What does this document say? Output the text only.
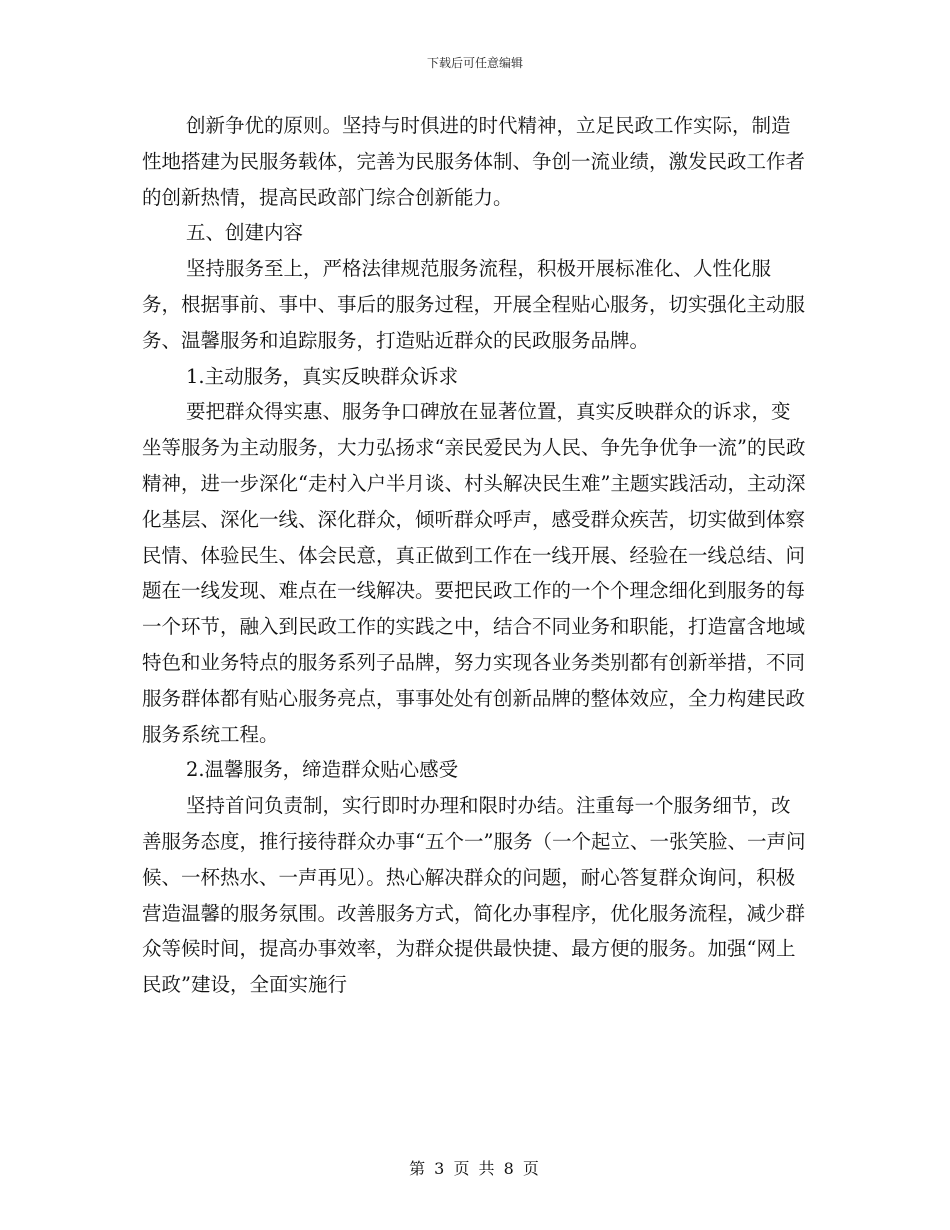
下载后可任意编辑

创新争优的原则。坚持与时俱进的时代精神，立足民政工作实际，制造性地搭建为民服务载体，完善为民服务体制、争创一流业绩，激发民政工作者的创新热情，提高民政部门综合创新能力。

五、创建内容

坚持服务至上，严格法律规范服务流程，积极开展标准化、人性化服务，根据事前、事中、事后的服务过程，开展全程贴心服务，切实强化主动服务、温馨服务和追踪服务，打造贴近群众的民政服务品牌。

1.主动服务，真实反映群众诉求

要把群众得实惠、服务争口碑放在显著位置，真实反映群众的诉求，变坐等服务为主动服务，大力弘扬求“亲民爱民为人民、争先争优争一流”的民政精神，进一步深化“走村入户半月谈、村头解决民生难”主题实践活动，主动深化基层、深化一线、深化群众，倾听群众呼声，感受群众疾苦，切实做到体察民情、体验民生、体会民意，真正做到工作在一线开展、经验在一线总结、问题在一线发现、难点在一线解决。要把民政工作的一个个理念细化到服务的每一个环节，融入到民政工作的实践之中，结合不同业务和职能，打造富含地域特色和业务特点的服务系列子品牌，努力实现各业务类别都有创新举措，不同服务群体都有贴心服务亮点，事事处处有创新品牌的整体效应，全力构建民政服务系统工程。

2.温馨服务，缔造群众贴心感受

坚持首问负责制，实行即时办理和限时办结。注重每一个服务细节，改善服务态度，推行接待群众办事“五个一”服务（一个起立、一张笑脸、一声问候、一杯热水、一声再见）。热心解决群众的问题，耐心答复群众询问，积极营造温馨的服务氛围。改善服务方式，简化办事程序，优化服务流程，减少群众等候时间，提高办事效率，为群众提供最快捷、最方便的服务。加强“网上民政”建设，全面实施行

第 3 页 共 8 页
